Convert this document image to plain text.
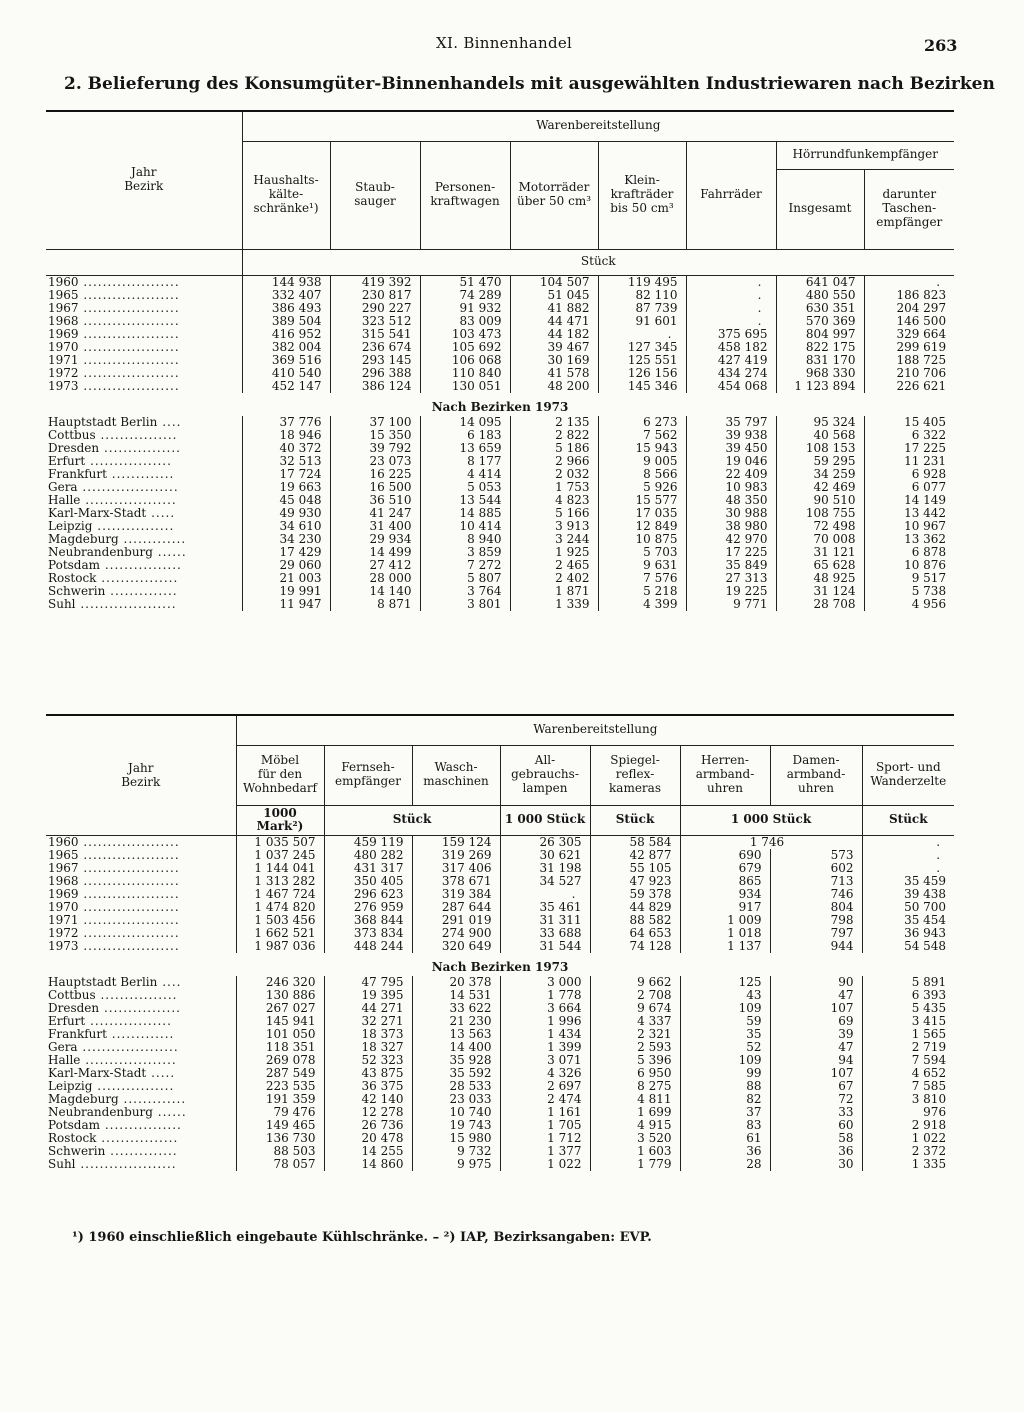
XI. Binnenhandel	263
2. Belieferung des Konsumgüter-Binnenhandels mit ausgewählten Industriewaren nach Bezirken
Jahr
Bezirk	Warenbereitstellung							
	Haushalts-
kälte-
schränke¹)	Staub-
sauger	Personen-
kraftwagen	Motorräder
über 50 cm³	Klein-
krafträder
bis 50 cm³	Fahrräder	Hörrundfunkempfänger	
							Insgesamt	darunter
Taschen-
empfänger
	Stück							
1960 ....................	144 938	419 392	51 470	104 507	119 495	.	641 047	.
1965 ....................	332 407	230 817	74 289	51 045	82 110	.	480 550	186 823
1967 ....................	386 493	290 227	91 932	41 882	87 739	.	630 351	204 297
1968 ....................	389 504	323 512	83 009	44 471	91 601	.	570 369	146 500
1969 ....................	416 952	315 541	103 473	44 182	.	375 695	804 997	329 664
1970 ....................	382 004	236 674	105 692	39 467	127 345	458 182	822 175	299 619
1971 ....................	369 516	293 145	106 068	30 169	125 551	427 419	831 170	188 725
1972 ....................	410 540	296 388	110 840	41 578	126 156	434 274	968 330	210 706
1973 ....................	452 147	386 124	130 051	48 200	145 346	454 068	1 123 894	226 621
Nach Bezirken 1973								
Hauptstadt Berlin ....	37 776	37 100	14 095	2 135	6 273	35 797	95 324	15 405
Cottbus ................	18 946	15 350	6 183	2 822	7 562	39 938	40 568	6 322
Dresden ................	40 372	39 792	13 659	5 186	15 943	39 450	108 153	17 225
Erfurt .................	32 513	23 073	8 177	2 966	9 005	19 046	59 295	11 231
Frankfurt .............	17 724	16 225	4 414	2 032	8 566	22 409	34 259	6 928
Gera ....................	19 663	16 500	5 053	1 753	5 926	10 983	42 469	6 077
Halle ...................	45 048	36 510	13 544	4 823	15 577	48 350	90 510	14 149
Karl-Marx-Stadt .....	49 930	41 247	14 885	5 166	17 035	30 988	108 755	13 442
Leipzig ................	34 610	31 400	10 414	3 913	12 849	38 980	72 498	10 967
Magdeburg .............	34 230	29 934	8 940	3 244	10 875	42 970	70 008	13 362
Neubrandenburg ......	17 429	14 499	3 859	1 925	5 703	17 225	31 121	6 878
Potsdam ................	29 060	27 412	7 272	2 465	9 631	35 849	65 628	10 876
Rostock ................	21 003	28 000	5 807	2 402	7 576	27 313	48 925	9 517
Schwerin ..............	19 991	14 140	3 764	1 871	5 218	19 225	31 124	5 738
Suhl ....................	11 947	8 871	3 801	1 339	4 399	9 771	28 708	4 956
Jahr
Bezirk	Warenbereitstellung							
	Möbel
für den
Wohnbedarf	Fernseh-
empfänger	Wasch-
maschinen	All-
gebrauchs-
lampen	Spiegel-
reflex-
kameras	Herren-
armband-
uhren	Damen-
armband-
uhren	Sport- und
Wanderzelte
	1000 Mark²)	Stück		1 000 Stück	Stück	1 000 Stück		Stück
1960 ....................	1 035 507	459 119	159 124	26 305	58 584	1 746		.
1965 ....................	1 037 245	480 282	319 269	30 621	42 877	690	573	.
1967 ....................	1 144 041	431 317	317 406	31 198	55 105	679	602	.
1968 ....................	1 313 282	350 405	378 671	34 527	47 923	865	713	35 459
1969 ....................	1 467 724	296 623	319 384	.	59 378	934	746	39 438
1970 ....................	1 474 820	276 959	287 644	35 461	44 829	917	804	50 700
1971 ....................	1 503 456	368 844	291 019	31 311	88 582	1 009	798	35 454
1972 ....................	1 662 521	373 834	274 900	33 688	64 653	1 018	797	36 943
1973 ....................	1 987 036	448 244	320 649	31 544	74 128	1 137	944	54 548
Nach Bezirken 1973								
Hauptstadt Berlin ....	246 320	47 795	20 378	3 000	9 662	125	90	5 891
Cottbus ................	130 886	19 395	14 531	1 778	2 708	43	47	6 393
Dresden ................	267 027	44 271	33 622	3 664	9 674	109	107	5 435
Erfurt .................	145 941	32 271	21 230	1 996	4 337	59	69	3 415
Frankfurt .............	101 050	18 373	13 563	1 434	2 321	35	39	1 565
Gera ....................	118 351	18 327	14 400	1 399	2 593	52	47	2 719
Halle ...................	269 078	52 323	35 928	3 071	5 396	109	94	7 594
Karl-Marx-Stadt .....	287 549	43 875	35 592	4 326	6 950	99	107	4 652
Leipzig ................	223 535	36 375	28 533	2 697	8 275	88	67	7 585
Magdeburg .............	191 359	42 140	23 033	2 474	4 811	82	72	3 810
Neubrandenburg ......	79 476	12 278	10 740	1 161	1 699	37	33	976
Potsdam ................	149 465	26 736	19 743	1 705	4 915	83	60	2 918
Rostock ................	136 730	20 478	15 980	1 712	3 520	61	58	1 022
Schwerin ..............	88 503	14 255	9 732	1 377	1 603	36	36	2 372
Suhl ....................	78 057	14 860	9 975	1 022	1 779	28	30	1 335
¹) 1960 einschließlich eingebaute Kühlschränke. – ²) IAP, Bezirksangaben: EVP.
